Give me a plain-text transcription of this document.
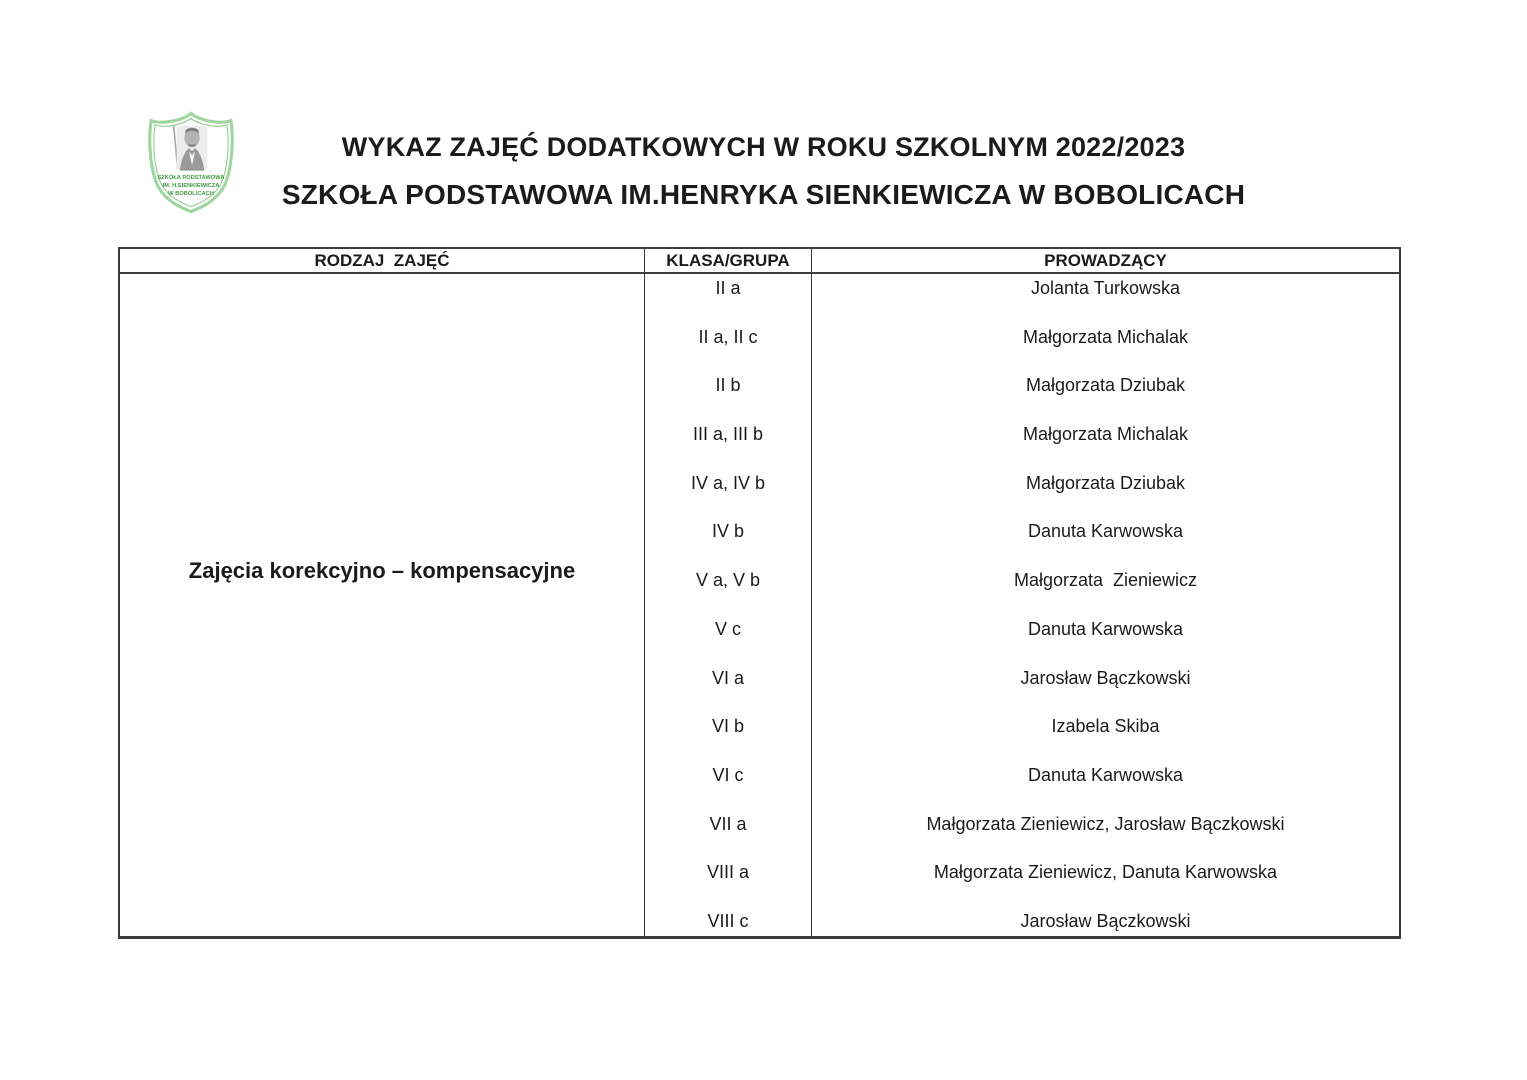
SZKOŁA PODSTAWOWA
IM. H.SIENKIEWICZA
W BOBOLICACH
WYKAZ ZAJĘĆ DODATKOWYCH W ROKU SZKOLNYM 2022/2023
SZKOŁA PODSTAWOWA IM.HENRYKA SIENKIEWICZA W BOBOLICACH
RODZAJ  ZAJĘĆ	KLASA/GRUPA	PROWADZĄCY
Zajęcia korekcyjno – kompensacyjne
II a
II a, II c
II b
III a, III b
IV a, IV b
IV b
V a, V b
V c
VI a
VI b
VI c
VII a
VIII a
VIII c
Jolanta Turkowska
Małgorzata Michalak
Małgorzata Dziubak
Małgorzata Michalak
Małgorzata Dziubak
Danuta Karwowska
Małgorzata  Zieniewicz
Danuta Karwowska
Jarosław Bączkowski
Izabela Skiba
Danuta Karwowska
Małgorzata Zieniewicz, Jarosław Bączkowski
Małgorzata Zieniewicz, Danuta Karwowska
Jarosław Bączkowski
